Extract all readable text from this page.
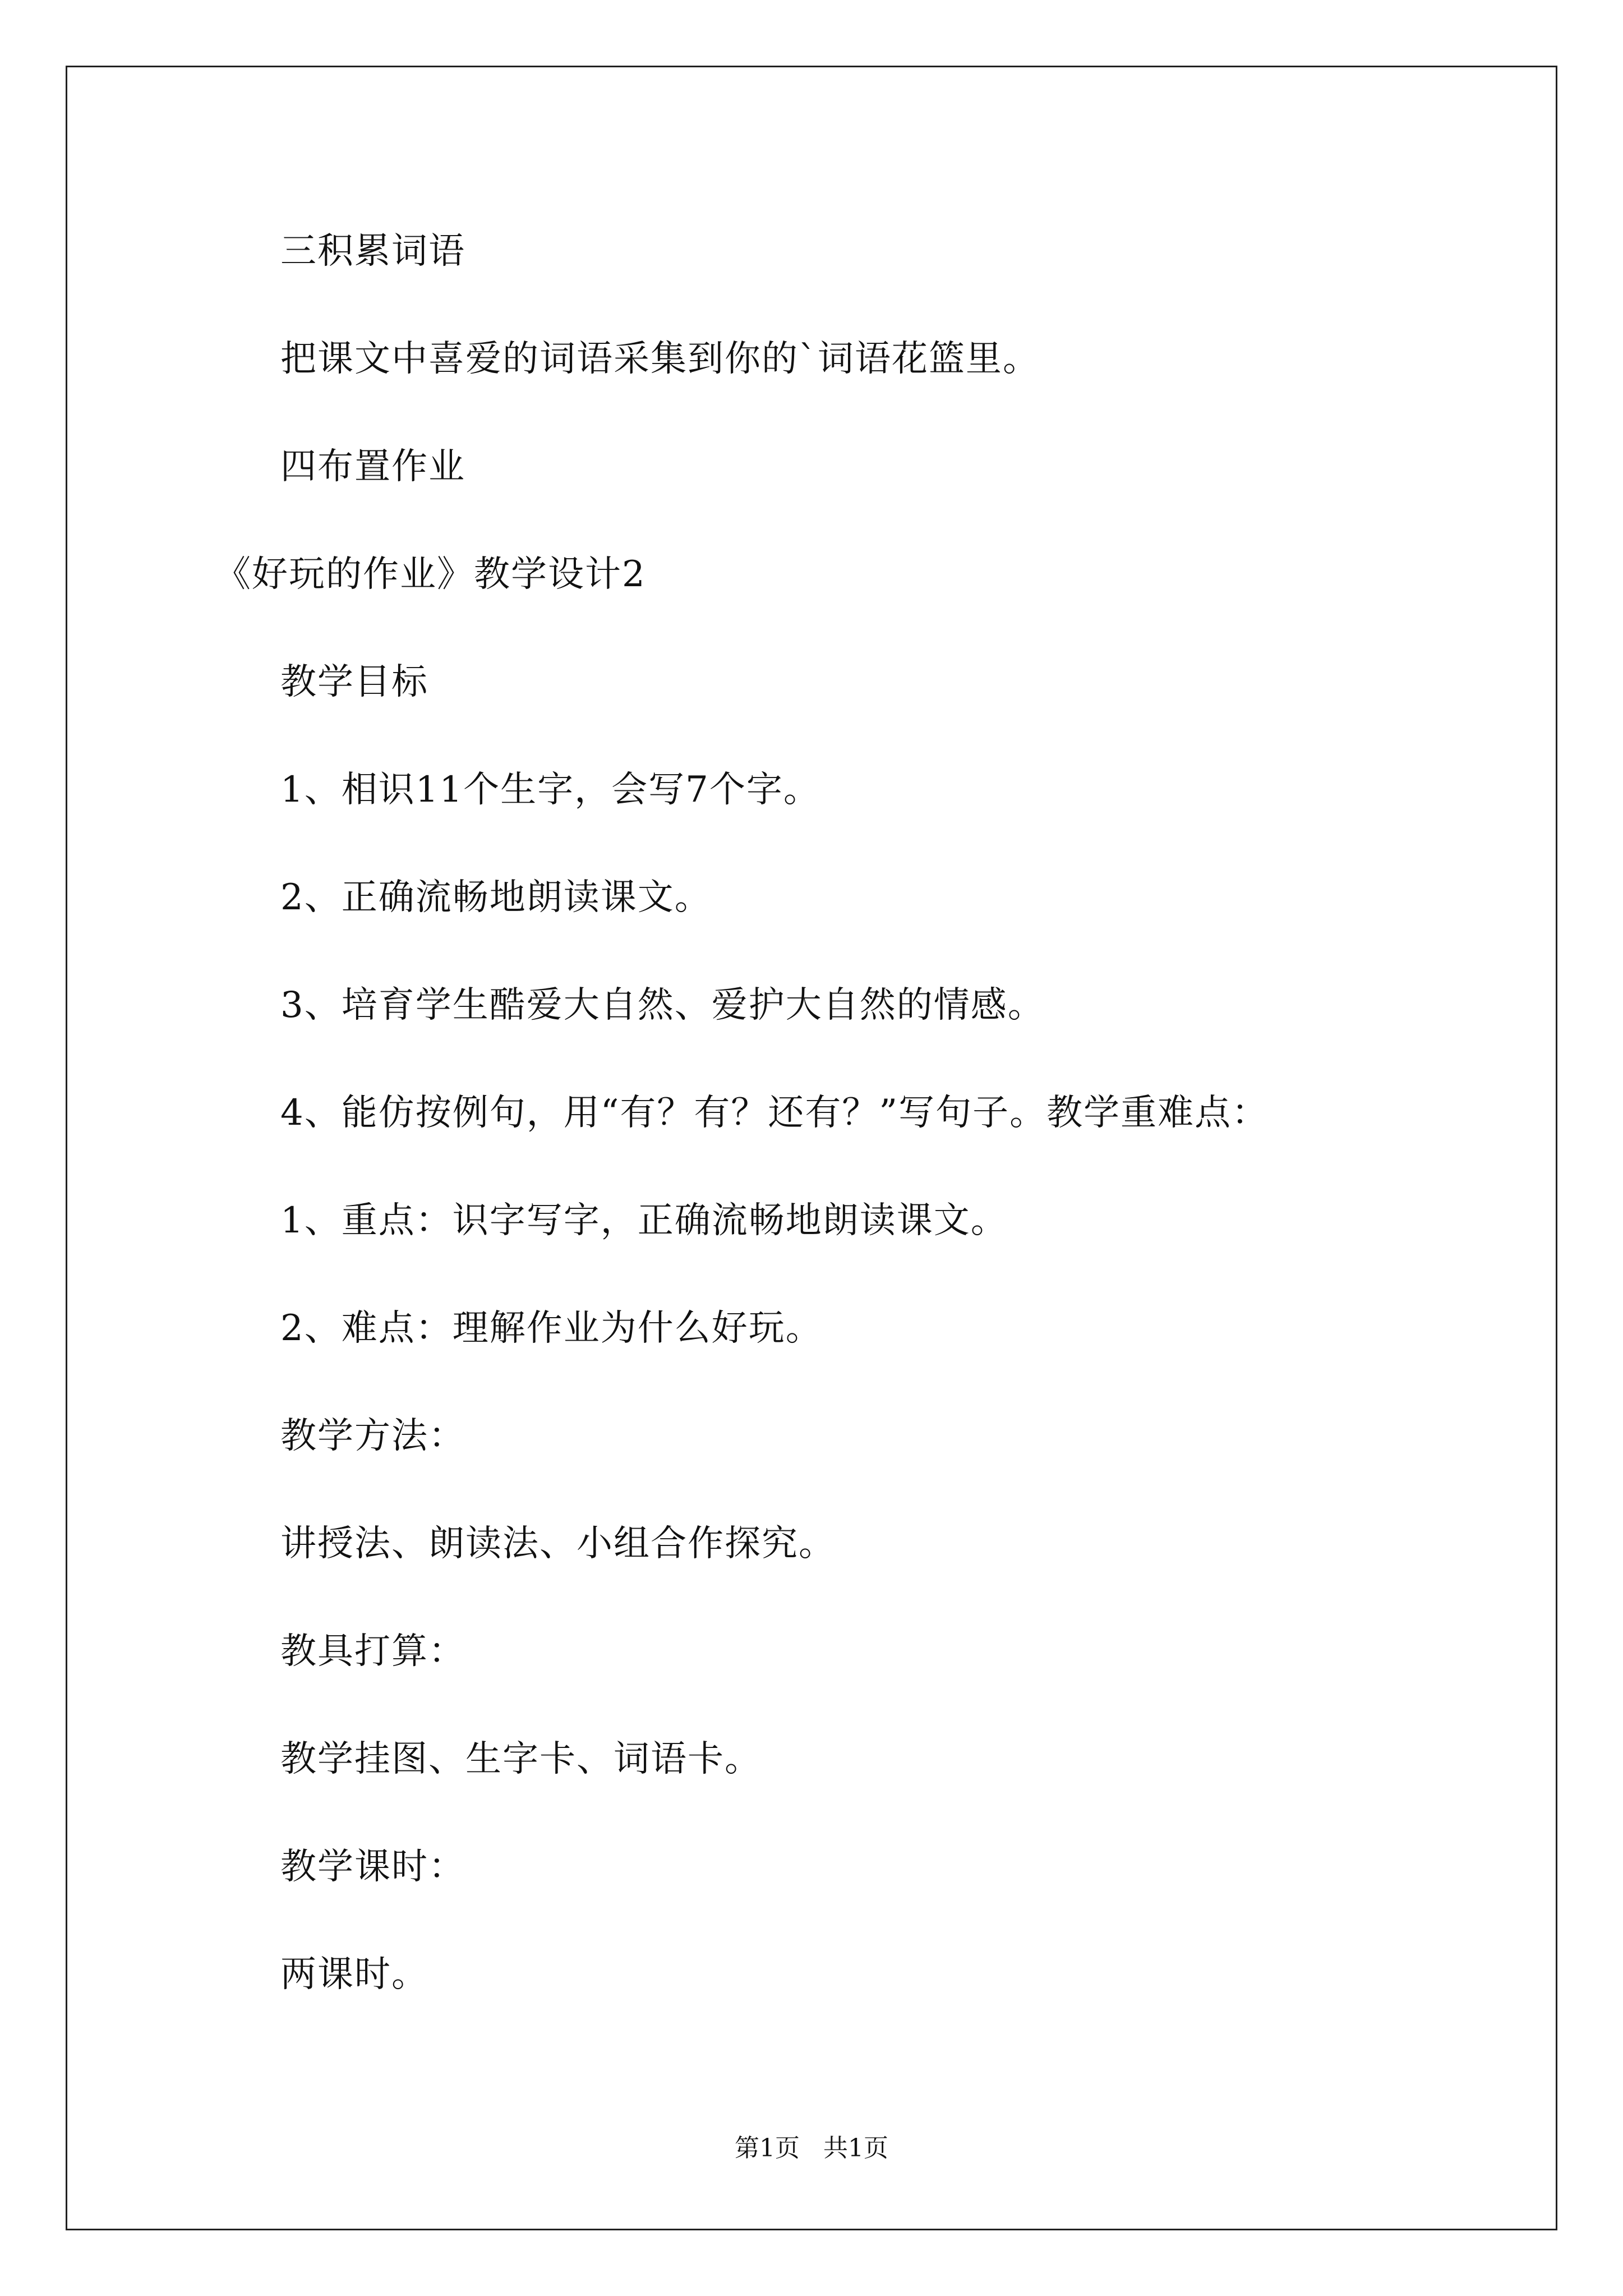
三积累词语
把课文中喜爱的词语采集到你的`词语花篮里。
四布置作业
《好玩的作业》教学设计2
教学目标
1、相识11个生字，会写7个字。
2、正确流畅地朗读课文。
3、培育学生酷爱大自然、爱护大自然的情感。
4、能仿按例句，用“有？有？还有？”写句子。教学重难点：
1、重点：识字写字，正确流畅地朗读课文。
2、难点：理解作业为什么好玩。
教学方法：
讲授法、朗读法、小组合作探究。
教具打算：
教学挂图、生字卡、词语卡。
教学课时：
两课时。
第1页   共1页
